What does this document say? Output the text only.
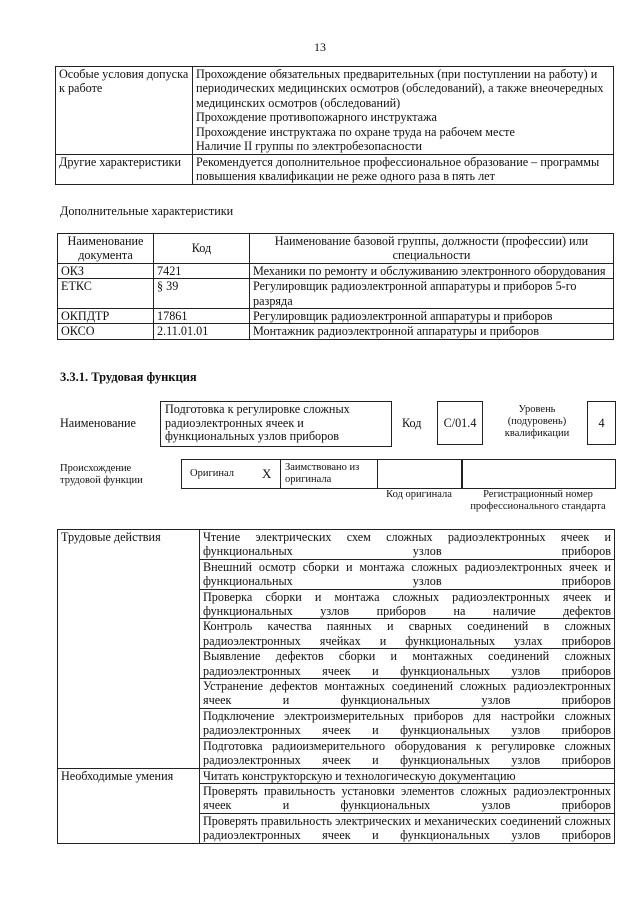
13
Особые условия допуска к работе	Прохождение обязательных предварительных (при поступлении на работу) и периодических медицинских осмотров (обследований), а также внеочередных медицинских осмотров (обследований)
Прохождение противопожарного инструктажа
Прохождение инструктажа по охране труда на рабочем месте
Наличие II группы по электробезопасности

Другие характеристики	Рекомендуется дополнительное профессиональное образование – программы повышения квалификации не реже одного раза в пять лет
Дополнительные характеристики
Наименование документа	Код	Наименование базовой группы, должности (профессии) или специальности
ОКЗ	7421	Механики по ремонту и обслуживанию электронного оборудования
ЕТКС	§ 39	Регулировщик радиоэлектронной аппаратуры и приборов 5-го разряда
ОКПДТР	17861	Регулировщик радиоэлектронной аппаратуры и приборов
ОКСО	2.11.01.01	Монтажник радиоэлектронной аппаратуры и приборов
3.3.1. Трудовая функция
Наименование
Подготовка к регулировке сложных радиоэлектронных ячеек и функциональных узлов приборов
Код	C/01.4
Уровень (подуровень) квалификации
4
Происхождение трудовой функции
Оригинал X Заимствовано из оригинала
Код оригинала	Регистрационный номер профессионального стандарта
Трудовые действия	Чтение электрических схем сложных радиоэлектронных ячеек и функциональных узлов приборов
	Внешний осмотр сборки и монтажа сложных радиоэлектронных ячеек и функциональных узлов приборов
	Проверка сборки и монтажа сложных радиоэлектронных ячеек и функциональных узлов приборов на наличие дефектов
	Контроль качества паянных и сварных соединений в сложных радиоэлектронных ячейках и функциональных узлах приборов
	Выявление дефектов сборки и монтажных соединений сложных радиоэлектронных ячеек и функциональных узлов приборов
	Устранение дефектов монтажных соединений сложных радиоэлектронных ячеек и функциональных узлов приборов
	Подключение электроизмерительных приборов для настройки сложных радиоэлектронных ячеек и функциональных узлов приборов
	Подготовка радиоизмерительного оборудования к регулировке сложных радиоэлектронных ячеек и функциональных узлов приборов
Необходимые умения	Читать конструкторскую и технологическую документацию
	Проверять правильность установки элементов сложных радиоэлектронных ячеек и функциональных узлов приборов
	Проверять правильность электрических и механических соединений сложных радиоэлектронных ячеек и функциональных узлов приборов
